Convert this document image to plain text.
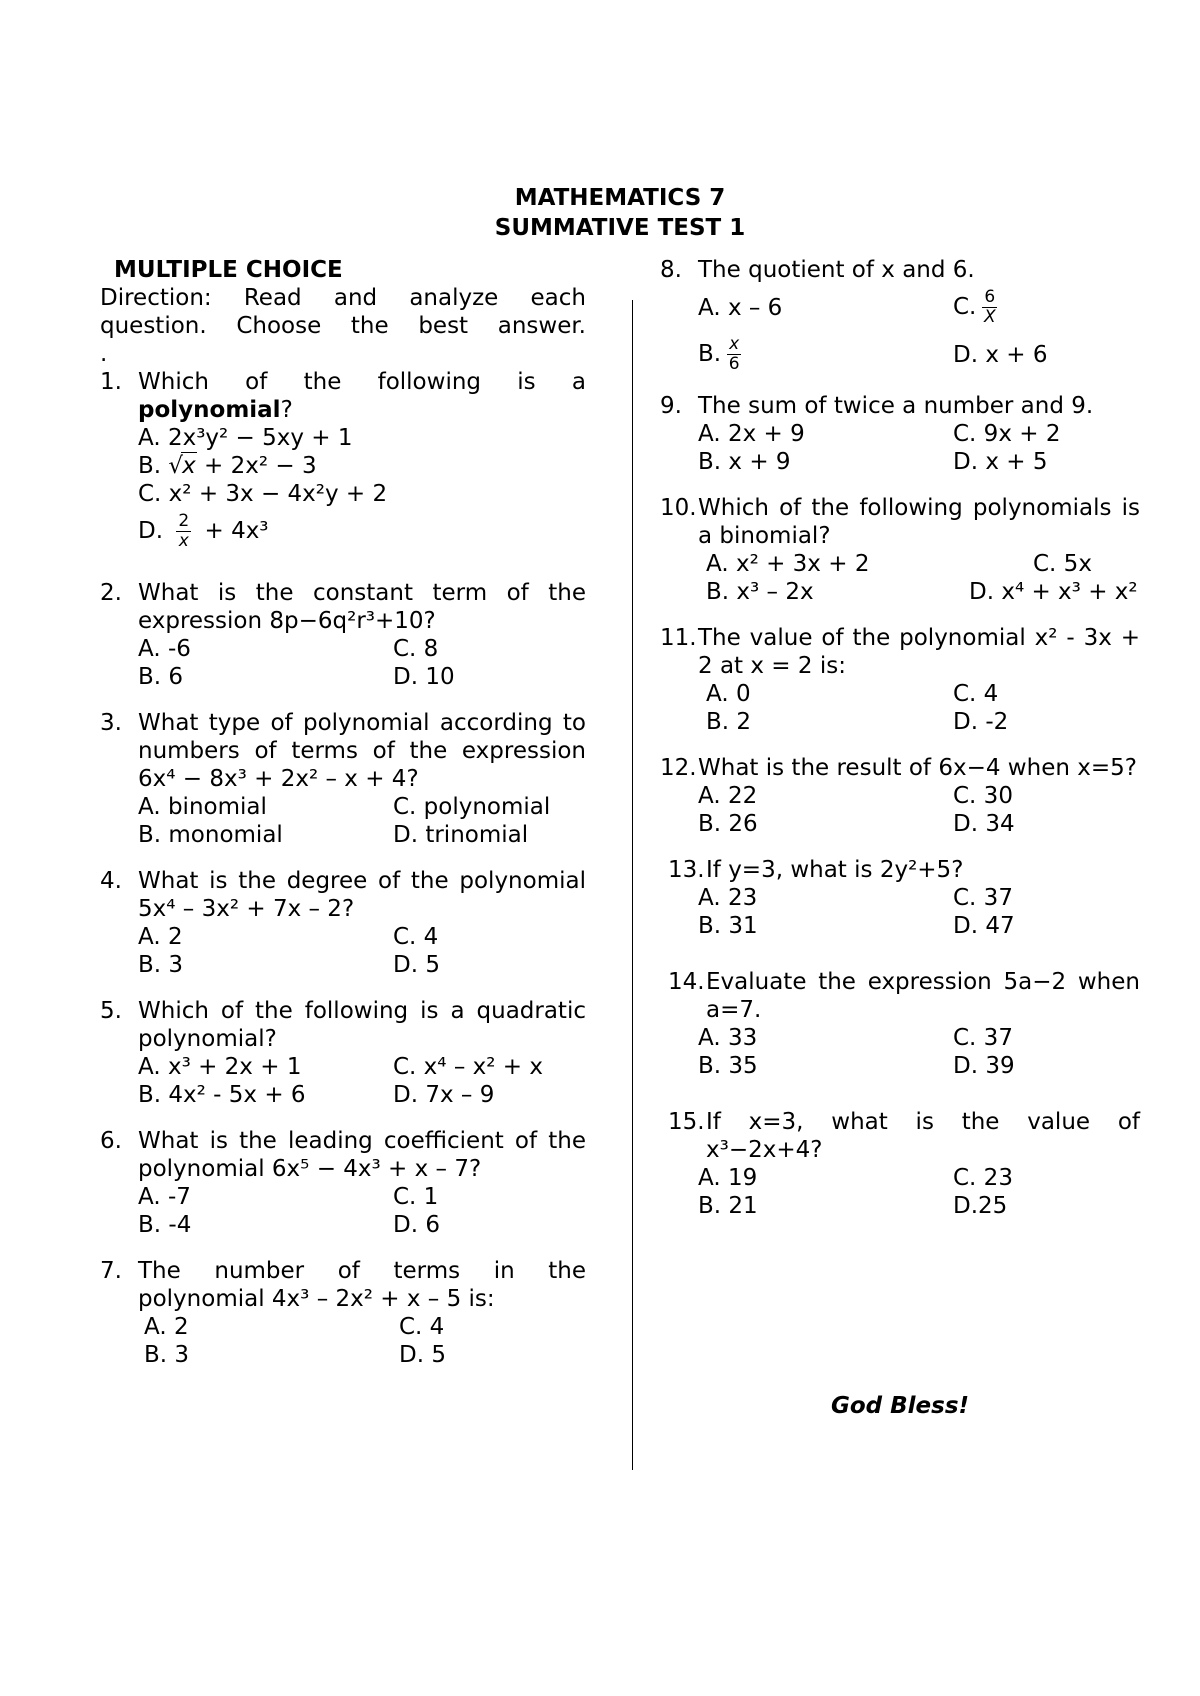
MATHEMATICS 7
SUMMATIVE TEST 1
MULTIPLE CHOICE
Direction: Read and analyze each question. Choose the best answer.
.
1. Which of the following is a
polynomial?
A. 2x³y² − 5xy + 1
B. √x + 2x² − 3
C. x² + 3x − 4x²y + 2
D. $\frac{2}{x} + 4x^3$
2. What is the constant term of the expression 8p−6q²r³+10?
A. -6	C. 8
B. 6	D. 10
3. What type of polynomial according to numbers of terms of the expression 6x⁴ − 8x³ + 2x² – x + 4?
A. binomial	C. polynomial
B. monomial	D. trinomial
4. What is the degree of the polynomial 5x⁴ – 3x² + 7x – 2?
A. 2	C. 4
B. 3	D. 5
5. Which of the following is a quadratic polynomial?
A. x³ + 2x + 1	C. x⁴ – x² + x
B. 4x² - 5x + 6	D. 7x – 9
6. What is the leading coefficient of the polynomial 6x⁵ − 4x³ + x – 7?
A. -7	C. 1
B. -4	D. 6
7. The number of terms in the polynomial 4x³ – 2x² + x – 5 is:
A. 2	C. 4
B. 3	D. 5
8. The quotient of x and 6.
A. x – 6	C. $\frac{6}{X}$
B. $\frac{x}{6}$	D. x + 6
9. The sum of twice a number and 9.
A. 2x + 9	C. 9x + 2
B. x + 9	D. x + 5
10. Which of the following polynomials is a binomial?
A. x² + 3x + 2	C. 5x
B. x³ – 2x	D. x⁴ + x³ + x²
11. The value of the polynomial x² - 3x + 2 at x = 2 is:
A. 0	C. 4
B. 2	D. -2
12. What is the result of 6x−4 when x=5?
A. 22	C. 30
B. 26	D. 34
13. If y=3, what is 2y²+5?
A. 23	C. 37
B. 31	D. 47
14. Evaluate the expression 5a−2 when a=7.
A. 33	C. 37
B. 35	D. 39
15. If x=3, what is the value of x³−2x+4?
A. 19	C. 23
B. 21	D.25
God Bless!
